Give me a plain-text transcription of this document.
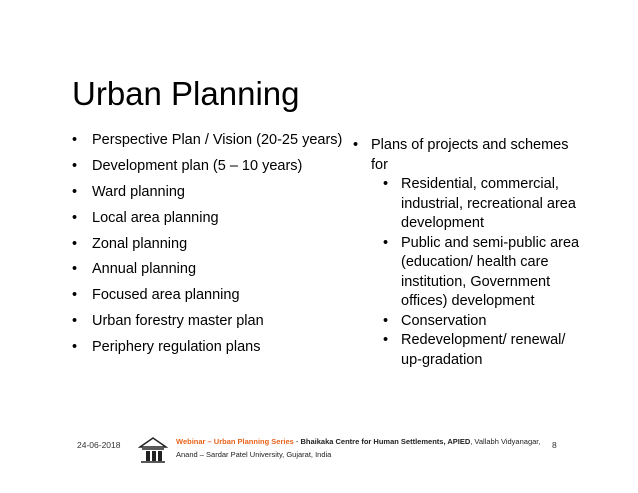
Urban Planning
• Perspective Plan / Vision (20-25 years)
• Development plan (5 – 10 years)
• Ward planning
• Local area planning
• Zonal planning
• Annual planning
• Focused area planning
• Urban forestry master plan
• Periphery regulation plans
• Plans of projects and schemes
for
• Residential, commercial,
industrial, recreational area
development
• Public and semi-public area
(education/ health care
institution, Government
offices) development
• Conservation
• Redevelopment/ renewal/
up-gradation
24-06-2018	Webinar – Urban Planning Series - Bhaikaka Centre for Human Settlements, APIED, Vallabh Vidyanagar,
Anand – Sardar Patel University, Gujarat, India
8
